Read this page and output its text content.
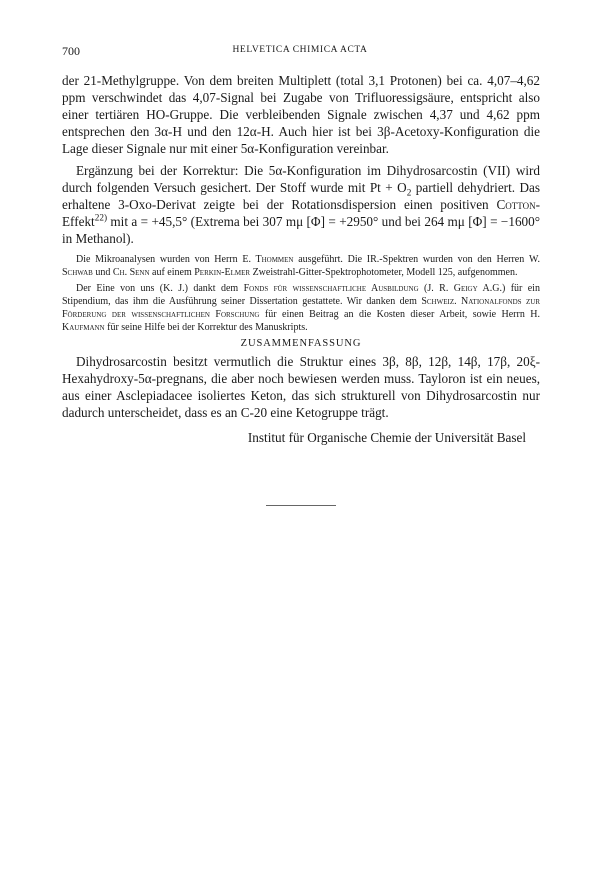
700	HELVETICA CHIMICA ACTA

der 21-Methylgruppe. Von dem breiten Multiplett (total 3,1 Protonen) bei ca. 4,07–4,62 ppm verschwindet das 4,07-Signal bei Zugabe von Trifluoressigsäure, entspricht also einer tertiären HO-Gruppe. Die verbleibenden Signale zwischen 4,37 und 4,62 ppm entsprechen den 3α-H und den 12α-H. Auch hier ist bei 3β-Acetoxy-Konfiguration die Lage dieser Signale nur mit einer 5α-Konfiguration vereinbar.

Ergänzung bei der Korrektur: Die 5α-Konfiguration im Dihydrosarcostin (VII) wird durch folgenden Versuch gesichert. Der Stoff wurde mit $Pt + O_2$ partiell dehydriert. Das erhaltene 3-Oxo-Derivat zeigte bei der Rotationsdispersion einen positiven Cotton-Effekt$^{22)}$ mit a = +45,5° (Extrema bei 307 mμ [Φ] = +2950° und bei 264 mμ [Φ] = −1600° in Methanol).

Die Mikroanalysen wurden von Herrn E. Thommen ausgeführt. Die IR.-Spektren wurden von den Herren W. Schwab und Ch. Senn auf einem Perkin-Elmer Zweistrahl-Gitter-Spektrophotometer, Modell 125, aufgenommen.

Der Eine von uns (K. J.) dankt dem Fonds für wissenschaftliche Ausbildung (J. R. Geigy A.G.) für ein Stipendium, das ihm die Ausführung seiner Dissertation gestattete. Wir danken dem Schweiz. Nationalfonds zur Förderung der wissenschaftlichen Forschung für einen Beitrag an die Kosten dieser Arbeit, sowie Herrn H. Kaufmann für seine Hilfe bei der Korrektur des Manuskripts.

ZUSAMMENFASSUNG

Dihydrosarcostin besitzt vermutlich die Struktur eines 3β, 8β, 12β, 14β, 17β, 20ξ-Hexahydroxy-5α-pregnans, die aber noch bewiesen werden muss. Tayloron ist ein neues, aus einer Asclepiadacee isoliertes Keton, das sich strukturell von Dihydrosarcostin nur dadurch unterscheidet, dass es an C-20 eine Ketogruppe trägt.

Institut für Organische Chemie der Universität Basel
